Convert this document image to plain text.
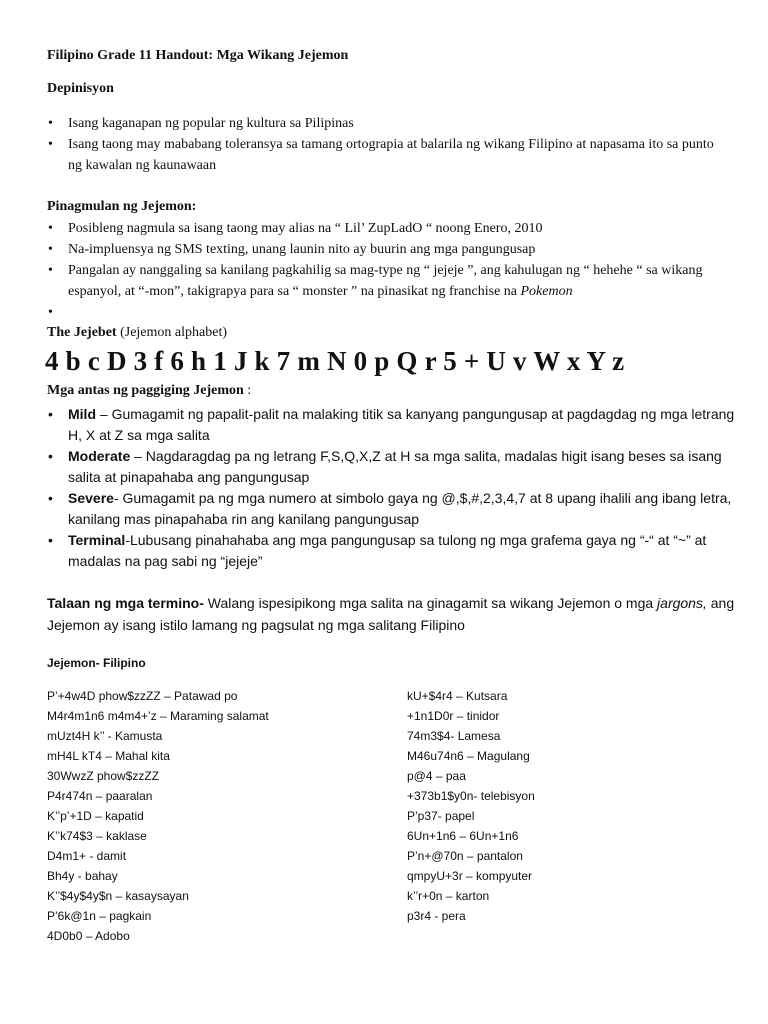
Filipino Grade 11 Handout: Mga Wikang Jejemon
Depinisyon
• Isang kaganapan ng popular ng kultura sa Pilipinas
• Isang taong may mababang toleransya sa tamang ortograpia at balarila ng wikang Filipino at napasama ito sa punto ng kawalan ng kaunawaan
Pinagmulan ng Jejemon:
• Posibleng nagmula sa isang taong may alias na “ Lil’ ZupLadO “ noong Enero, 2010
• Na-impluensya ng SMS texting, unang launin nito ay buurin ang mga pangungusap
• Pangalan ay nanggaling sa kanilang pagkahilig sa mag-type ng “ jejeje ”, ang kahulugan ng “ hehehe “ sa wikang espanyol, at “-mon”, takigrapya para sa “ monster ” na pinasikat ng franchise na Pokemon
•
The Jejebet (Jejemon alphabet)
4 b c D 3 f 6 h 1 J k 7 m N 0 p Q r 5 + U v W x Y z
Mga antas ng paggiging Jejemon :
• Mild – Gumagamit ng papalit-palit na malaking titik sa kanyang pangungusap at pagdagdag ng mga letrang H, X at Z sa mga salita
• Moderate – Nagdaragdag pa ng letrang F,S,Q,X,Z at H sa mga salita, madalas higit isang beses sa isang salita at pinapahaba ang pangungusap
• Severe- Gumagamit pa ng mga numero at simbolo gaya ng @,$,#,2,3,4,7 at 8 upang ihalili ang ibang letra, kanilang mas pinapahaba rin ang kanilang pangungusap
• Terminal-Lubusang pinahahaba ang mga pangungusap sa tulong ng mga grafema gaya ng “-“ at “~” at madalas na pag sabi ng “jejeje”
Talaan ng mga termino- Walang ispesipikong mga salita na ginagamit sa wikang Jejemon o mga jargons, ang Jejemon ay isang istilo lamang ng pagsulat ng mga salitang Filipino
Jejemon- Filipino
P’+4w4D phow$zzZZ – Patawad po
M4r4m1n6 m4m4+’z – Maraming salamat
mUzt4H k’’ - Kamusta
mH4L kT4 – Mahal kita
30WwzZ phow$zzZZ
P4r474n – paaralan
K’’p’+1D – kapatid
K’’k74$3 – kaklase
D4m1+ - damit
Bh4y - bahay
K’’$4y$4y$n – kasaysayan
P’6k@1n – pagkain
4D0b0 – Adobo
kU+$4r4 – Kutsara
+1n1D0r – tinidor
74m3$4- Lamesa
M46u74n6 – Magulang
p@4 – paa
+373b1$y0n- telebisyon
P’p37- papel
6Un+1n6 – 6Un+1n6
P’n+@70n – pantalon
qmpyU+3r – kompyuter
k’’r+0n – karton
p3r4 - pera
